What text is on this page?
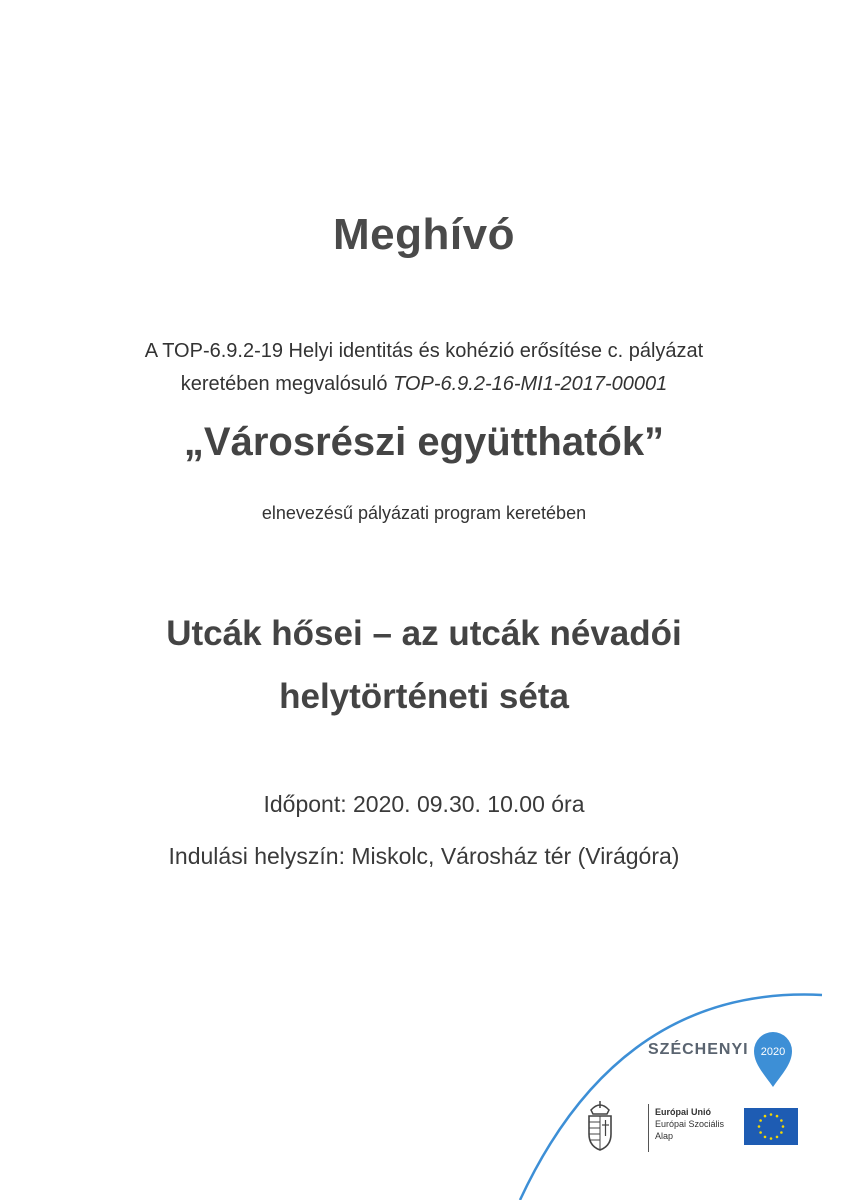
Meghívó
A TOP-6.9.2-19 Helyi identitás és kohézió erősítése c. pályázat
keretében megvalósuló TOP-6.9.2-16-MI1-2017-00001
„Városrészi együtthatók”
elnevezésű pályázati program keretében
Utcák hősei – az utcák névadói
helytörténeti séta
Időpont: 2020. 09.30. 10.00 óra
Indulási helyszín: Miskolc, Városház tér (Virágóra)
SZÉCHENYI 2020
Európai Unió
Európai Szociális
Alap
